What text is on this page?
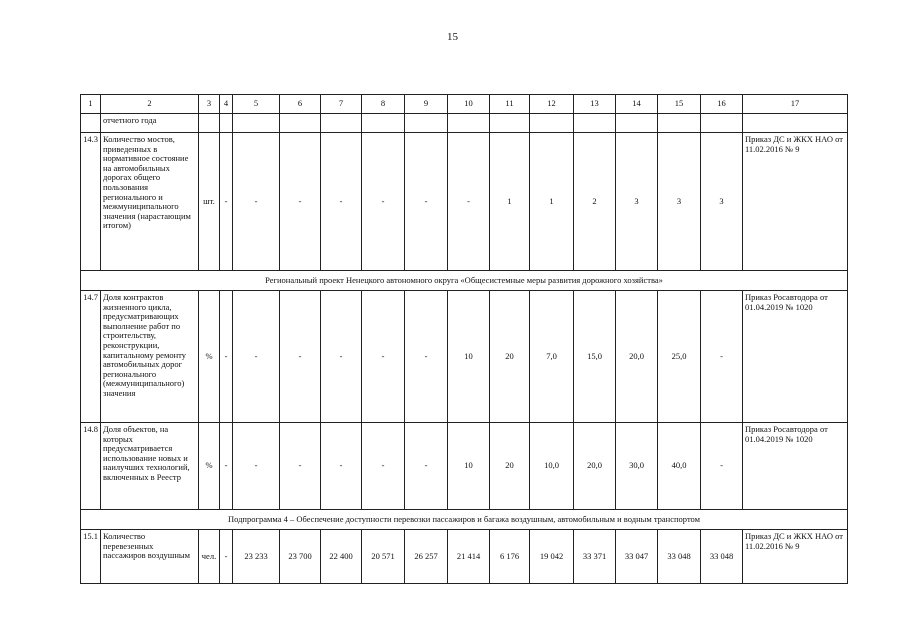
15
1	2	3	4	5	6	7	8	9	10	11	12	13	14	15	16	17
	отчетного года															
14.3	Количество мостов, приведенных в нормативное состояние на автомобильных дорогах общего пользования регионального и межмуниципального значения (нарастающим итогом)	шт.	-	-	-	-	-	-	-	1	1	2	3	3	3	Приказ ДС и ЖКХ НАО от 11.02.2016 № 9
Региональный проект Ненецкого автономного округа «Общесистемные меры развития дорожного хозяйства»																
14.7	Доля контрактов жизненного цикла, предусматривающих выполнение работ по строительству, реконструкции, капитальному ремонту автомобильных дорог регионального (межмуниципального) значения	%	-	-	-	-	-	-	10	20	7,0	15,0	20,0	25,0	-	Приказ Росавтодора от 01.04.2019 № 1020
14.8	Доля объектов, на которых предусматривается использование новых и наилучших технологий, включенных в Реестр	%	-	-	-	-	-	-	10	20	10,0	20,0	30,0	40,0	-	Приказ Росавтодора от 01.04.2019 № 1020
Подпрограмма 4 – Обеспечение доступности перевозки пассажиров и багажа воздушным, автомобильным и водным транспортом																
15.1	Количество перевезенных пассажиров воздушным	чел.	-	23 233	23 700	22 400	20 571	26 257	21 414	6 176	19 042	33 371	33 047	33 048	33 048	Приказ ДС и ЖКХ НАО от 11.02.2016 № 9
